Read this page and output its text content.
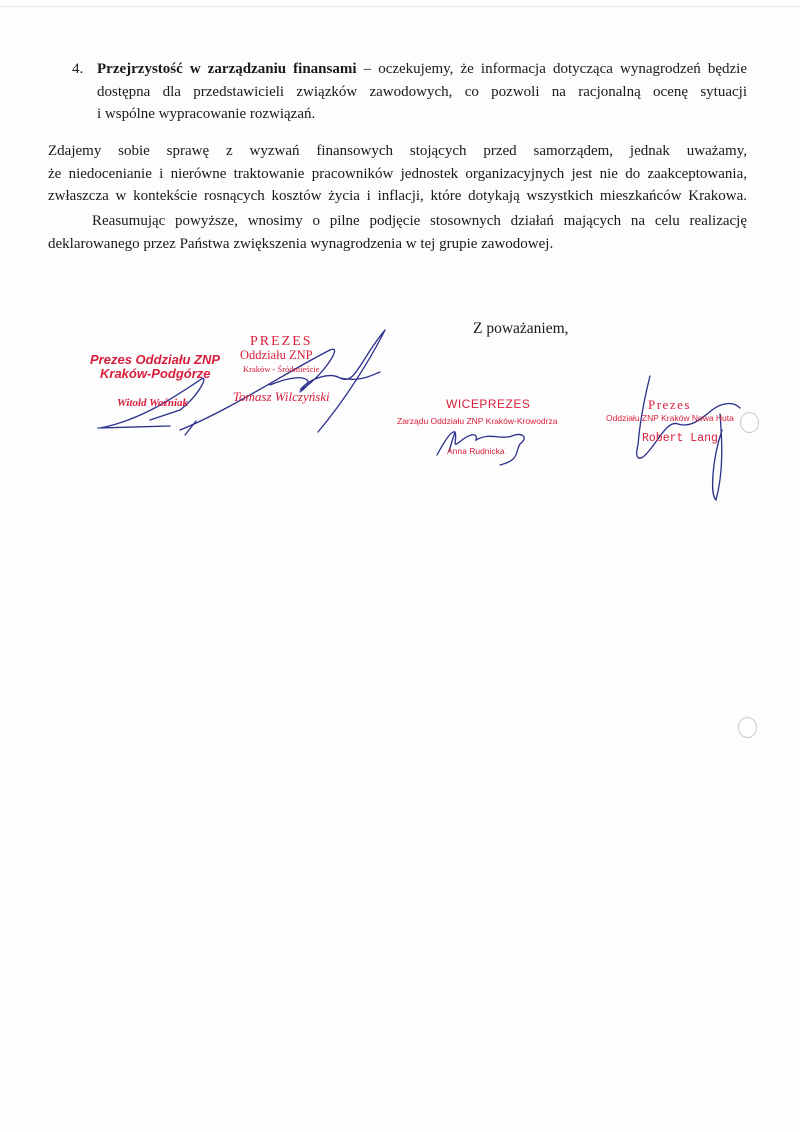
4. Przejrzystość w zarządzaniu finansami – oczekujemy, że informacja dotycząca wynagrodzeń będzie
dostępna dla przedstawicieli związków zawodowych, co pozwoli na racjonalną ocenę sytuacji
i wspólne wypracowanie rozwiązań.
Zdajemy sobie sprawę z wyzwań finansowych stojących przed samorządem, jednak uważamy,
że niedocenianie i nierówne traktowanie pracowników jednostek organizacyjnych jest nie do zaakceptowania,
zwłaszcza w kontekście rosnących kosztów życia i inflacji, które dotykają wszystkich mieszkańców Krakowa.
Reasumując powyższe, wnosimy o pilne podjęcie stosownych działań mających na celu realizację
deklarowanego przez Państwa zwiększenia wynagrodzenia w tej grupie zawodowej.
Z poważaniem,
Prezes Oddziału ZNP
Kraków-Podgórze
Witold Woźniak
PREZES
Oddziału ZNP
Kraków - Śródmieście
Tomasz Wilczyński	WICEPREZES
Zarządu Oddziału ZNP Kraków-Krowodrza
Anna Rudnicka
Prezes
Oddziału ZNP Kraków Nowa Huta
Robert Lang
